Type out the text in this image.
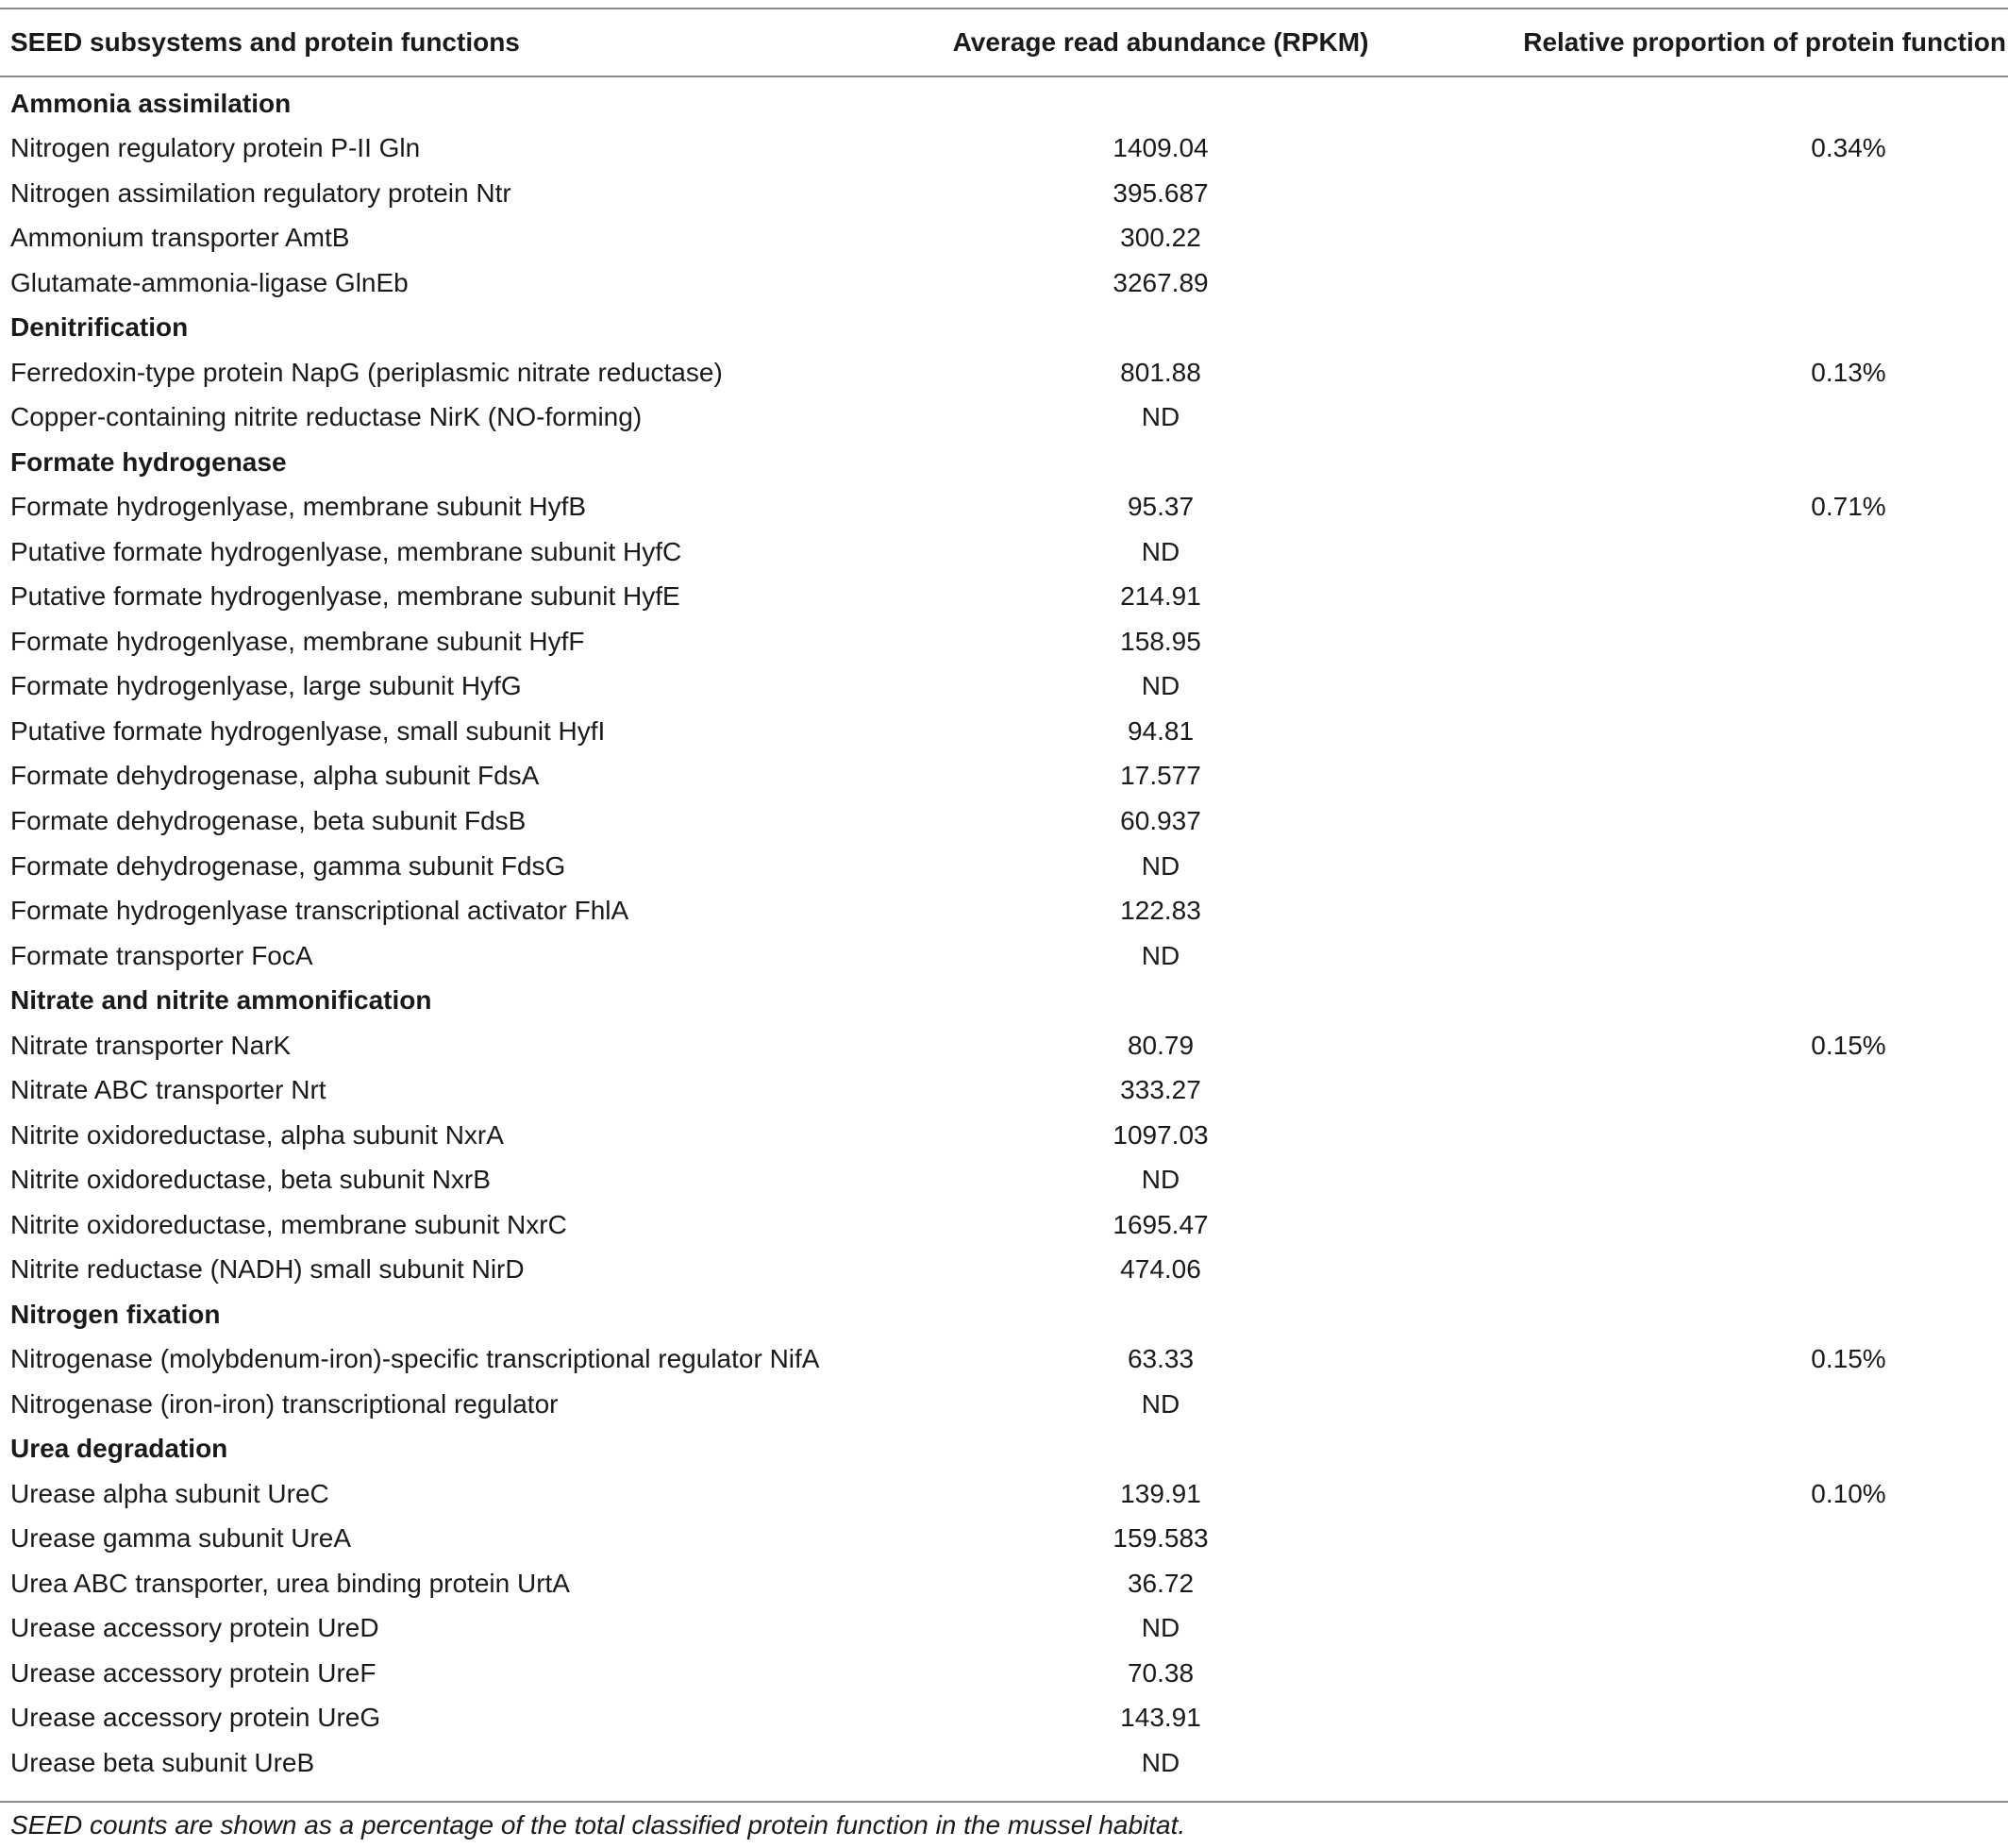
SEED subsystems and protein functions	Average read abundance (RPKM)	Relative proportion of protein function

Ammonia assimilation		
Nitrogen regulatory protein P-II Gln	1409.04	0.34%
Nitrogen assimilation regulatory protein Ntr	395.687	
Ammonium transporter AmtB	300.22	
Glutamate-ammonia-ligase GlnEb	3267.89	
Denitrification		
Ferredoxin-type protein NapG (periplasmic nitrate reductase)	801.88	0.13%
Copper-containing nitrite reductase NirK (NO-forming)	ND	
Formate hydrogenase		
Formate hydrogenlyase, membrane subunit HyfB	95.37	0.71%
Putative formate hydrogenlyase, membrane subunit HyfC	ND	
Putative formate hydrogenlyase, membrane subunit HyfE	214.91	
Formate hydrogenlyase, membrane subunit HyfF	158.95	
Formate hydrogenlyase, large subunit HyfG	ND	
Putative formate hydrogenlyase, small subunit HyfI	94.81	
Formate dehydrogenase, alpha subunit FdsA	17.577	
Formate dehydrogenase, beta subunit FdsB	60.937	
Formate dehydrogenase, gamma subunit FdsG	ND	
Formate hydrogenlyase transcriptional activator FhlA	122.83	
Formate transporter FocA	ND	
Nitrate and nitrite ammonification		
Nitrate transporter NarK	80.79	0.15%
Nitrate ABC transporter Nrt	333.27	
Nitrite oxidoreductase, alpha subunit NxrA	1097.03	
Nitrite oxidoreductase, beta subunit NxrB	ND	
Nitrite oxidoreductase, membrane subunit NxrC	1695.47	
Nitrite reductase (NADH) small subunit NirD	474.06	
Nitrogen fixation		
Nitrogenase (molybdenum-iron)-specific transcriptional regulator NifA	63.33	0.15%
Nitrogenase (iron-iron) transcriptional regulator	ND	
Urea degradation		
Urease alpha subunit UreC	139.91	0.10%
Urease gamma subunit UreA	159.583	
Urea ABC transporter, urea binding protein UrtA	36.72	
Urease accessory protein UreD	ND	
Urease accessory protein UreF	70.38	
Urease accessory protein UreG	143.91	
Urease beta subunit UreB	ND	
SEED counts are shown as a percentage of the total classified protein function in the mussel habitat.
